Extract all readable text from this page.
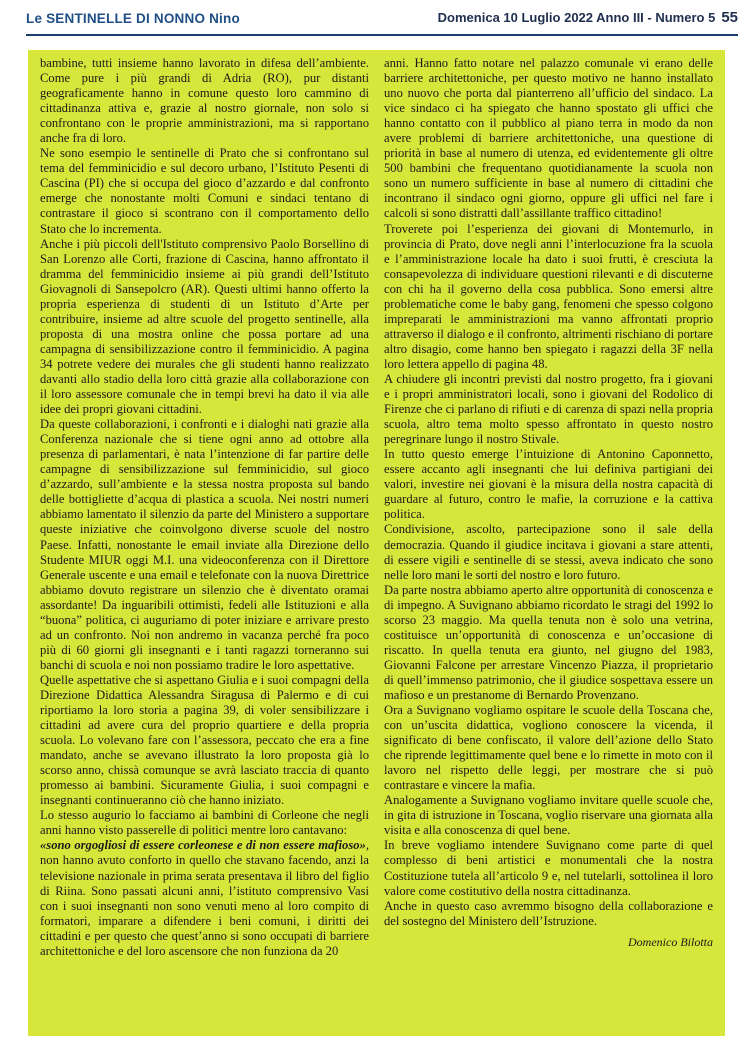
Le SENTINELLE DI NONNO Nino	Domenica 10 Luglio 2022 Anno III - Numero 5 55

bambine, tutti insieme hanno lavorato in difesa dell’ambiente. Come pure i più grandi di Adria (RO), pur distanti geograficamente hanno in comune questo loro cammino di cittadinanza attiva e, grazie al nostro giornale, non solo si confrontano con le proprie amministrazioni, ma si rapportano anche fra di loro.

Ne sono esempio le sentinelle di Prato che si confrontano sul tema del femminicidio e sul decoro urbano, l’Istituto Pesenti di Cascina (PI) che si occupa del gioco d’azzardo e dal confronto emerge che nonostante molti Comuni e sindaci tentano di contrastare il gioco si scontrano con il comportamento dello Stato che lo incrementa.

Anche i più piccoli dell'Istituto comprensivo Paolo Borsellino di San Lorenzo alle Corti, frazione di Cascina, hanno affrontato il dramma del femminicidio insieme ai più grandi dell’Istituto Giovagnoli di Sansepolcro (AR). Questi ultimi hanno offerto la propria esperienza di studenti di un Istituto d’Arte per contribuire, insieme ad altre scuole del progetto sentinelle, alla proposta di una mostra online che possa portare ad una campagna di sensibilizzazione contro il femminicidio. A pagina 34 potrete vedere dei murales che gli studenti hanno realizzato davanti allo stadio della loro città grazie alla collaborazione con il loro assessore comunale che in tempi brevi ha dato il via alle idee dei propri giovani cittadini.

Da queste collaborazioni, i confronti e i dialoghi nati grazie alla Conferenza nazionale che si tiene ogni anno ad ottobre alla presenza di parlamentari, è nata l’intenzione di far partire delle campagne di sensibilizzazione sul femminicidio, sul gioco d’azzardo, sull’ambiente e la stessa nostra proposta sul bando delle bottigliette d’acqua di plastica a scuola. Nei nostri numeri abbiamo lamentato il silenzio da parte del Ministero a supportare queste iniziative che coinvolgono diverse scuole del nostro Paese. Infatti, nonostante le email inviate alla Direzione dello Studente MIUR oggi M.I. una videoconferenza con il Direttore Generale uscente e una email e telefonate con la nuova Direttrice abbiamo dovuto registrare un silenzio che è diventato oramai assordante! Da inguaribili ottimisti, fedeli alle Istituzioni e alla “buona” politica, ci auguriamo di poter iniziare e arrivare presto ad un confronto. Noi non andremo in vacanza perché fra poco più di 60 giorni gli insegnanti e i tanti ragazzi torneranno sui banchi di scuola e noi non possiamo tradire le loro aspettative.

Quelle aspettative che si aspettano Giulia e i suoi compagni della Direzione Didattica Alessandra Siragusa di Palermo e di cui riportiamo la loro storia a pagina 39, di voler sensibilizzare i cittadini ad avere cura del proprio quartiere e della propria scuola. Lo volevano fare con l’assessora, peccato che era a fine mandato, anche se avevano illustrato la loro proposta già lo scorso anno, chissà comunque se avrà lasciato traccia di quanto promesso ai bambini. Sicuramente Giulia, i suoi compagni e insegnanti continueranno ciò che hanno iniziato.

Lo stesso augurio lo facciamo ai bambini di Corleone che negli anni hanno visto passerelle di politici mentre loro cantavano:
«sono orgogliosi di essere corleonese e di non essere mafioso», non hanno avuto conforto in quello che stavano facendo, anzi la televisione nazionale in prima serata presentava il libro del figlio di Riina. Sono passati alcuni anni, l’istituto comprensivo Vasi con i suoi insegnanti non sono venuti meno al loro compito di formatori, imparare a difendere i beni comuni, i diritti dei cittadini e per questo che quest’anno si sono occupati di barriere architettoniche e del loro ascensore che non funziona da 20

anni. Hanno fatto notare nel palazzo comunale vi erano delle barriere architettoniche, per questo motivo ne hanno installato uno nuovo che porta dal pianterreno all’ufficio del sindaco. La vice sindaco ci ha spiegato che hanno spostato gli uffici che hanno contatto con il pubblico al piano terra in modo da non avere problemi di barriere architettoniche, una questione di priorità in base al numero di utenza, ed evidentemente gli oltre 500 bambini che frequentano quotidianamente la scuola non sono un numero sufficiente in base al numero di cittadini che incontrano il sindaco ogni giorno, oppure gli uffici nel fare i calcoli si sono distratti dall’assillante traffico cittadino!

Troverete poi l’esperienza dei giovani di Montemurlo, in provincia di Prato, dove negli anni l’interlocuzione fra la scuola e l’amministrazione locale ha dato i suoi frutti, è cresciuta la consapevolezza di individuare questioni rilevanti e di discuterne con chi ha il governo della cosa pubblica. Sono emersi altre problematiche come le baby gang, fenomeni che spesso colgono impreparati le amministrazioni ma vanno affrontati proprio attraverso il dialogo e il confronto, altrimenti rischiano di portare altro disagio, come hanno ben spiegato i ragazzi della 3F nella loro lettera appello di pagina 48.

A chiudere gli incontri previsti dal nostro progetto, fra i giovani e i propri amministratori locali, sono i giovani del Rodolico di Firenze che ci parlano di rifiuti e di carenza di spazi nella propria scuola, altro tema molto spesso affrontato in questo nostro peregrinare lungo il nostro Stivale.

In tutto questo emerge l’intuizione di Antonino Caponnetto, essere accanto agli insegnanti che lui definiva partigiani dei valori, investire nei giovani è la misura della nostra capacità di guardare al futuro, contro le mafie, la corruzione e la cattiva politica.

Condivisione, ascolto, partecipazione sono il sale della democrazia. Quando il giudice incitava i giovani a stare attenti, di essere vigili e sentinelle di se stessi, aveva indicato che sono nelle loro mani le sorti del nostro e loro futuro.

Da parte nostra abbiamo aperto altre opportunità di conoscenza e di impegno. A Suvignano abbiamo ricordato le stragi del 1992 lo scorso 23 maggio. Ma quella tenuta non è solo una vetrina, costituisce un’opportunità di conoscenza e un’occasione di riscatto. In quella tenuta era giunto, nel giugno del 1983, Giovanni Falcone per arrestare Vincenzo Piazza, il proprietario di quell’immenso patrimonio, che il giudice sospettava essere un mafioso e un prestanome di Bernardo Provenzano.

Ora a Suvignano vogliamo ospitare le scuole della Toscana che, con un’uscita didattica, vogliono conoscere la vicenda, il significato di bene confiscato, il valore dell’azione dello Stato che riprende legittimamente quel bene e lo rimette in moto con il lavoro nel rispetto delle leggi, per mostrare che si può contrastare e vincere la mafia.

Analogamente a Suvignano vogliamo invitare quelle scuole che, in gita di istruzione in Toscana, voglio riservare una giornata alla visita e alla conoscenza di quel bene.

In breve vogliamo intendere Suvignano come parte di quel complesso di beni artistici e monumentali che la nostra Costituzione tutela all’articolo 9 e, nel tutelarli, sottolinea il loro valore come costitutivo della nostra cittadinanza.

Anche in questo caso avremmo bisogno della collaborazione e del sostegno del Ministero dell’Istruzione.

Domenico Bilotta
